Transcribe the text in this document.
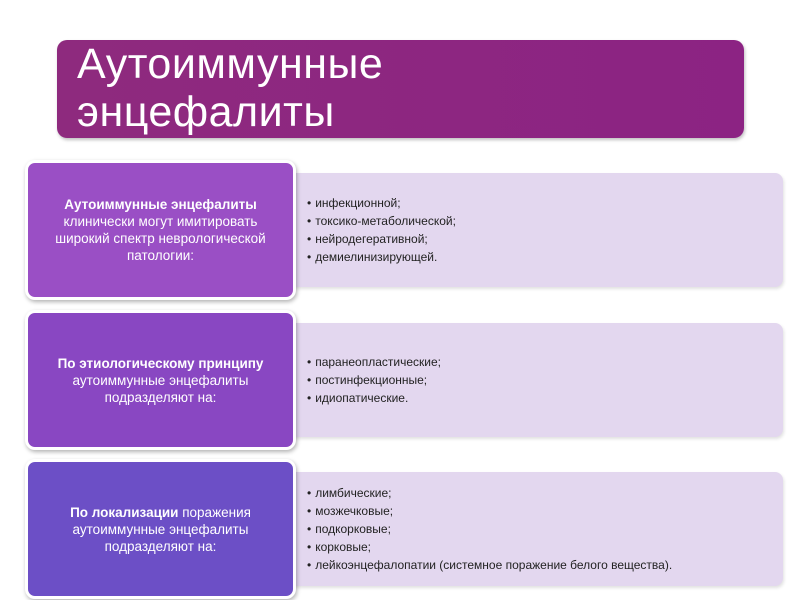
Аутоиммунные
энцефалиты
• инфекционной;
• токсико-метаболической;
• нейродегеративной;
• демиелинизирующей.
Аутоиммунные энцефалиты клинически могут имитировать широкий спектр неврологической патологии:
• паранеопластические;
• постинфекционные;
• идиопатические.
По этиологическому принципу аутоиммунные энцефалиты подразделяют на:
• лимбические;
• мозжечковые;
• подкорковые;
• корковые;
• лейкоэнцефалопатии (системное поражение белого вещества).
По локализации поражения аутоиммунные энцефалиты подразделяют на:
